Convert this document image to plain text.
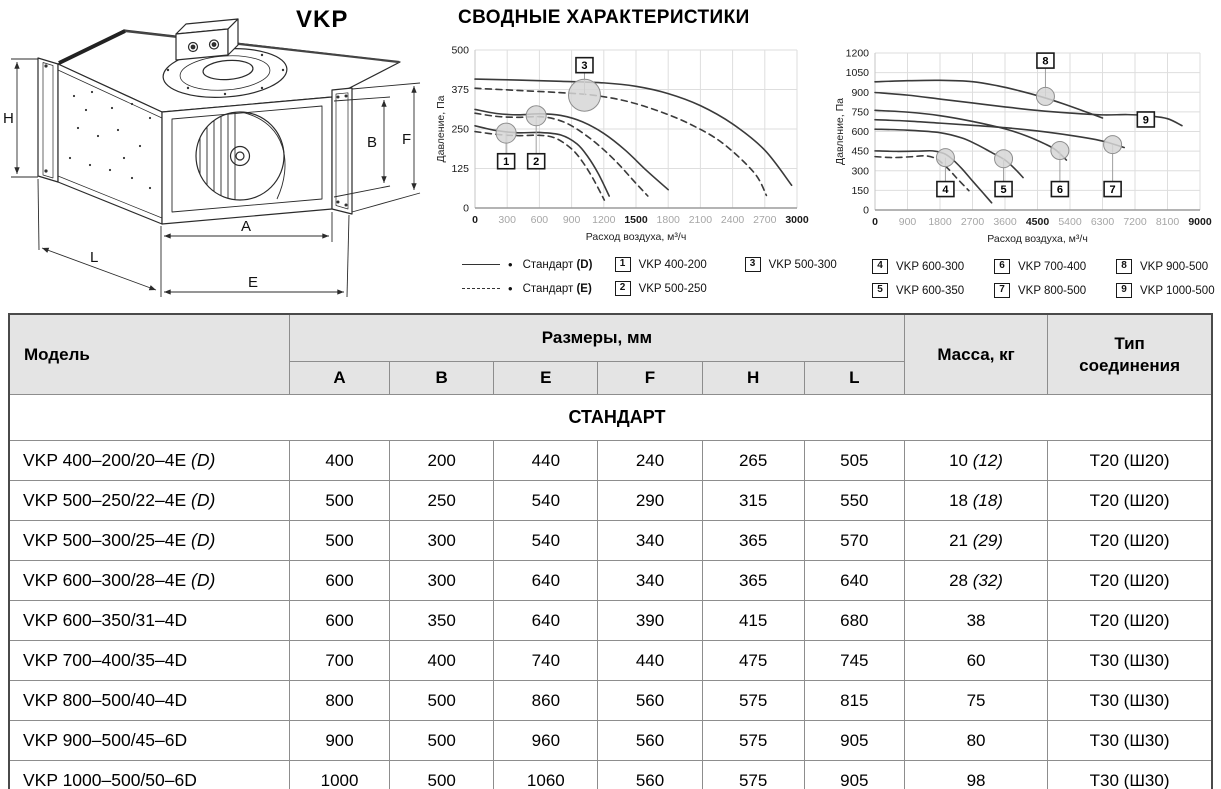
H
B F
A
L
E
VKP	СВОДНЫЕ ХАРАКТЕРИСТИКИ
0
125
250
375
500
0 300 600 900 1200 1500 1800 2100 2400 2700 3000
Расход воздуха, м³/ч
Давление, Па	1 2
3
0
150
300
450
600
750
900
1050
1200
0 900 1800 2700 3600 4500 5400 6300 7200 8100 9000
Расход воздуха, м³/ч
Давление, Па
4	5	6	7
8
9
• Стандарт (D)	1	VKP 400-200	3	VKP 500-300
• Стандарт (E)	2	VKP 500-250
4	VKP 600-300
5	VKP 600-350
6	VKP 700-400
7	VKP 800-500
8	VKP 900-500
9	VKP 1000-500
Модель	Размеры, мм						Масса, кг	Тип соединения
	A	B	E	F	H	L		
СТАНДАРТ								
VKP 400–200/20–4E (D)	400	200	440	240	265	505	10 (12)	Т20 (Ш20)
VKP 500–250/22–4E (D)	500	250	540	290	315	550	18 (18)	Т20 (Ш20)
VKP 500–300/25–4E (D)	500	300	540	340	365	570	21 (29)	Т20 (Ш20)
VKP 600–300/28–4E (D)	600	300	640	340	365	640	28 (32)	Т20 (Ш20)
VKP 600–350/31–4D	600	350	640	390	415	680	38	Т20 (Ш20)
VKP 700–400/35–4D	700	400	740	440	475	745	60	Т30 (Ш30)
VKP 800–500/40–4D	800	500	860	560	575	815	75	Т30 (Ш30)
VKP 900–500/45–6D	900	500	960	560	575	905	80	Т30 (Ш30)
VKP 1000–500/50–6D	1000	500	1060	560	575	905	98	Т30 (Ш30)
